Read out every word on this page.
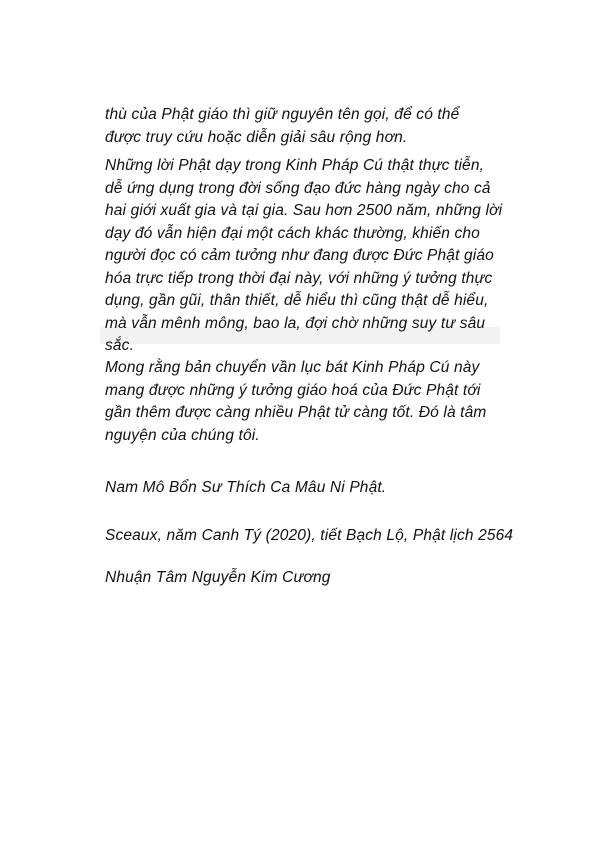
thù của Phật giáo thì giữ nguyên tên gọi, để có thể
được truy cứu hoặc diễn giải sâu rộng hơn.
Những lời Phật dạy trong Kinh Pháp Cú thật thực tiễn,
dễ ứng dụng trong đời sống đạo đức hàng ngày cho cả
hai giới xuất gia và tại gia. Sau hơn 2500 năm, những lời
dạy đó vẫn hiện đại một cách khác thường, khiến cho
người đọc có cảm tưởng như đang được Đức Phật giáo
hóa trực tiếp trong thời đại này, với những ý tưởng thực
dụng, gần gũi, thân thiết, dễ hiểu thì cũng thật dễ hiểu,
mà vẫn mênh mông, bao la, đợi chờ những suy tư sâu
sắc.
Mong rằng bản chuyển vần lục bát Kinh Pháp Cú này
mang được những ý tưởng giáo hoá của Đức Phật tới
gần thêm được càng nhiều Phật tử càng tốt. Đó là tâm
nguyện của chúng tôi.
Nam Mô Bổn Sư Thích Ca Mâu Ni Phật.
Sceaux, năm Canh Tý (2020), tiết Bạch Lộ, Phật lịch 2564
Nhuận Tâm Nguyễn Kim Cương
